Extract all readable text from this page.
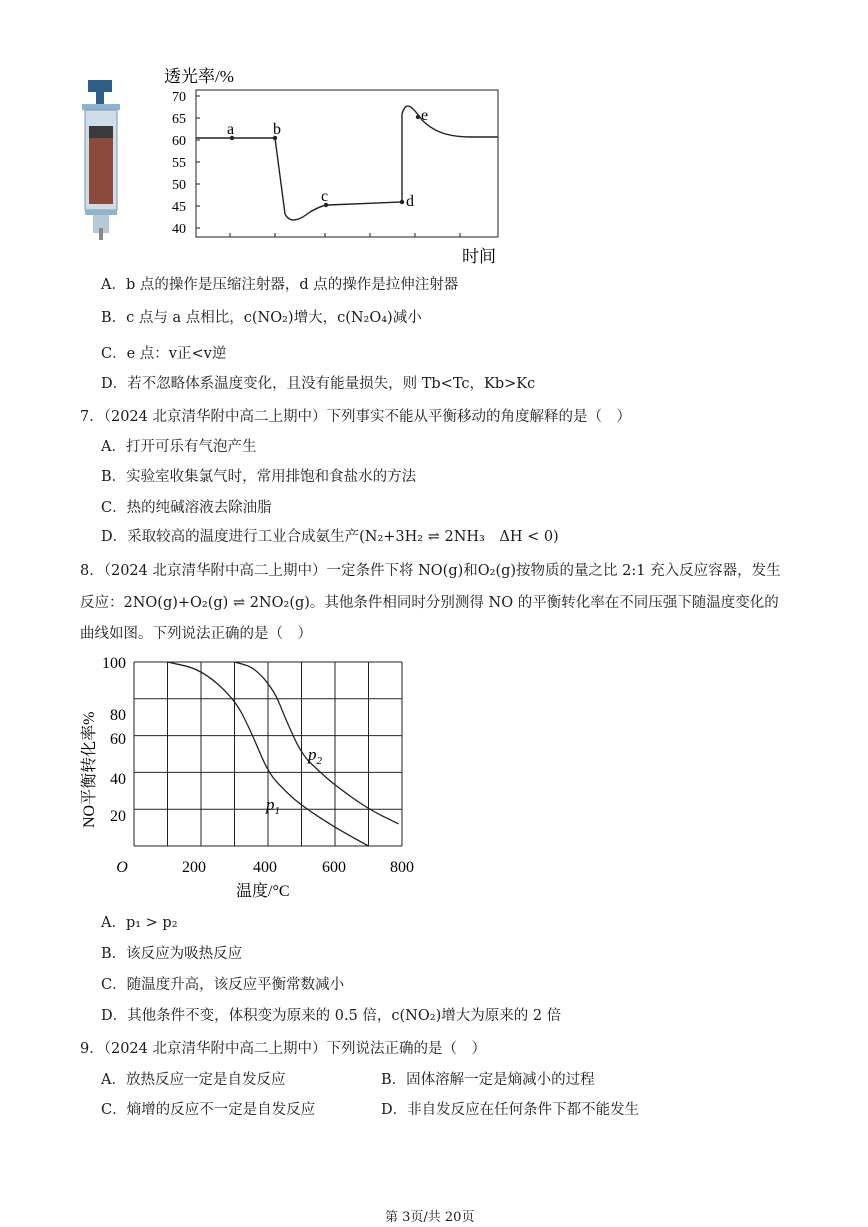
透光率/%
70
65
60
55
50
45
40
a b
c	d
e
时间
A．b 点的操作是压缩注射器，d 点的操作是拉伸注射器
B．c 点与 a 点相比，c(NO₂)增大，c(N₂O₄)减小
C．e 点：v正<v逆
D．若不忽略体系温度变化，且没有能量损失，则 Tb<Tc，Kb>Kc
7．（2024 北京清华附中高二上期中）下列事实不能从平衡移动的角度解释的是（　）
A．打开可乐有气泡产生
B．实验室收集氯气时，常用排饱和食盐水的方法
C．热的纯碱溶液去除油脂
D．采取较高的温度进行工业合成氨生产(N₂+3H₂ ⇌ 2NH₃　ΔH < 0)
8．（2024 北京清华附中高二上期中）一定条件下将 NO(g)和O₂(g)按物质的量之比 2:1 充入反应容器，发生
反应：2NO(g)+O₂(g) ⇌ 2NO₂(g)。其他条件相同时分别测得 NO 的平衡转化率在不同压强下随温度变化的
曲线如图。下列说法正确的是（　）
100
80
60
40
20
O	200	400	600	800
NO平衡转化率%
温度/°C
$p_1$
$p_2$
A．p₁ > p₂
B．该反应为吸热反应
C．随温度升高，该反应平衡常数减小
D．其他条件不变，体积变为原来的 0.5 倍，c(NO₂)增大为原来的 2 倍
9．（2024 北京清华附中高二上期中）下列说法正确的是（　）
A．放热反应一定是自发反应	B．固体溶解一定是熵减小的过程
C．熵增的反应不一定是自发反应	D．非自发反应在任何条件下都不能发生
第 3页/共 20页
